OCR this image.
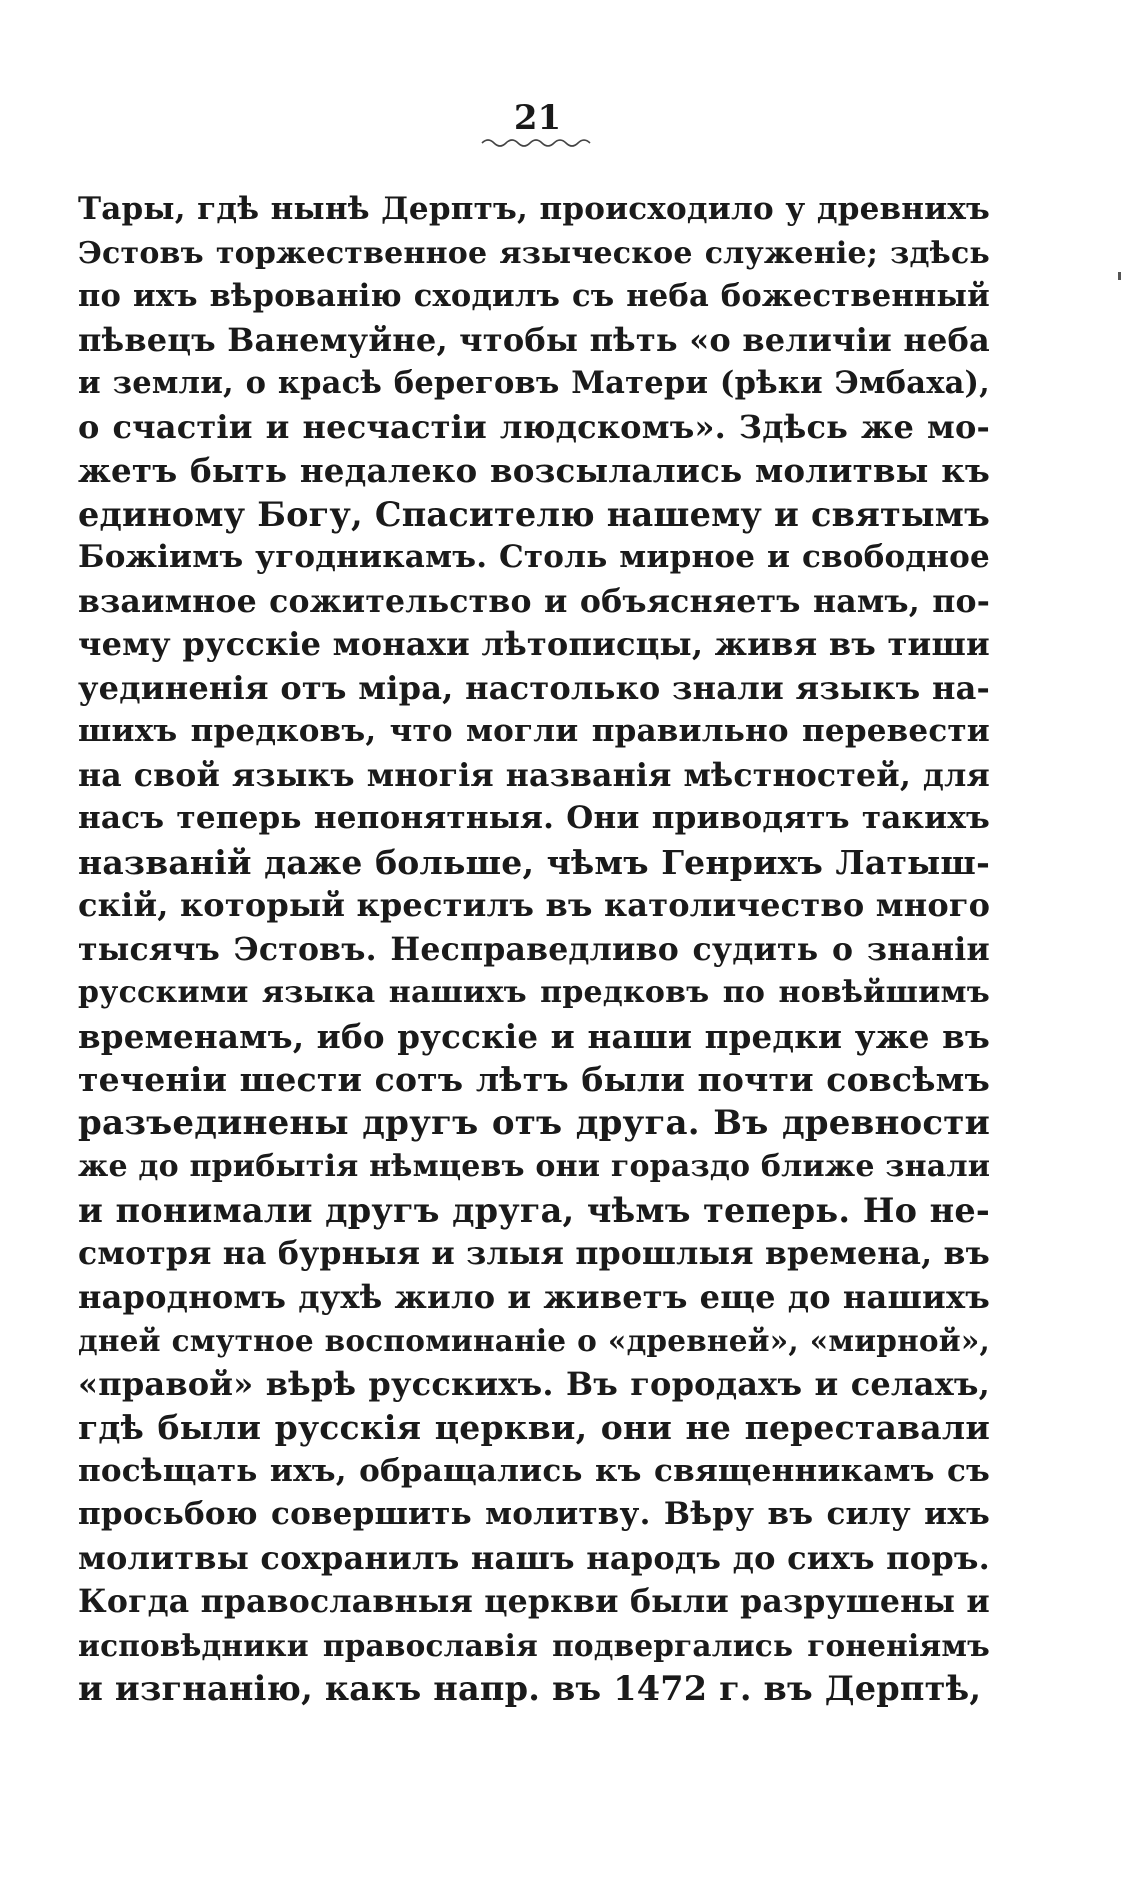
21
Тары, гдѣ нынѣ Дерптъ, происходило у древнихъ
Эстовъ торжественное языческое служеніе; здѣсь
по ихъ вѣрованію сходилъ съ неба божественный
пѣвецъ Ванемуйне, чтобы пѣть «о величіи неба
и земли, о красѣ береговъ Матери (рѣки Эмбаха),
о счастіи и несчастіи людскомъ». Здѣсь же мо-
жетъ быть недалеко возсылались молитвы къ
единому Богу, Спасителю нашему и святымъ
Божіимъ угодникамъ. Столь мирное и свободное
взаимное сожительство и объясняетъ намъ, по-
чему русскіе монахи лѣтописцы, живя въ тиши
уединенія отъ міра, настолько знали языкъ на-
шихъ предковъ, что могли правильно перевести
на свой языкъ многія названія мѣстностей, для
насъ теперь непонятныя. Они приводятъ такихъ
названій даже больше, чѣмъ Генрихъ Латыш-
скій, который крестилъ въ католичество много
тысячъ Эстовъ. Несправедливо судить о знаніи
русскими языка нашихъ предковъ по новѣйшимъ
временамъ, ибо русскіе и наши предки уже въ
теченіи шести сотъ лѣтъ были почти совсѣмъ
разъединены другъ отъ друга. Въ древности
же до прибытія нѣмцевъ они гораздо ближе знали
и понимали другъ друга, чѣмъ теперь. Но не-
смотря на бурныя и злыя прошлыя времена, въ
народномъ духѣ жило и живетъ еще до нашихъ
дней смутное воспоминаніе о «древней», «мирной»,
«правой» вѣрѣ русскихъ. Въ городахъ и селахъ,
гдѣ были русскія церкви, они не переставали
посѣщать ихъ, обращались къ священникамъ съ
просьбою совершить молитву. Вѣру въ силу ихъ
молитвы сохранилъ нашъ народъ до сихъ поръ.
Когда православныя церкви были разрушены и
исповѣдники православія подвергались гоненіямъ
и изгнанію, какъ напр. въ 1472 г. въ Дерптѣ,
